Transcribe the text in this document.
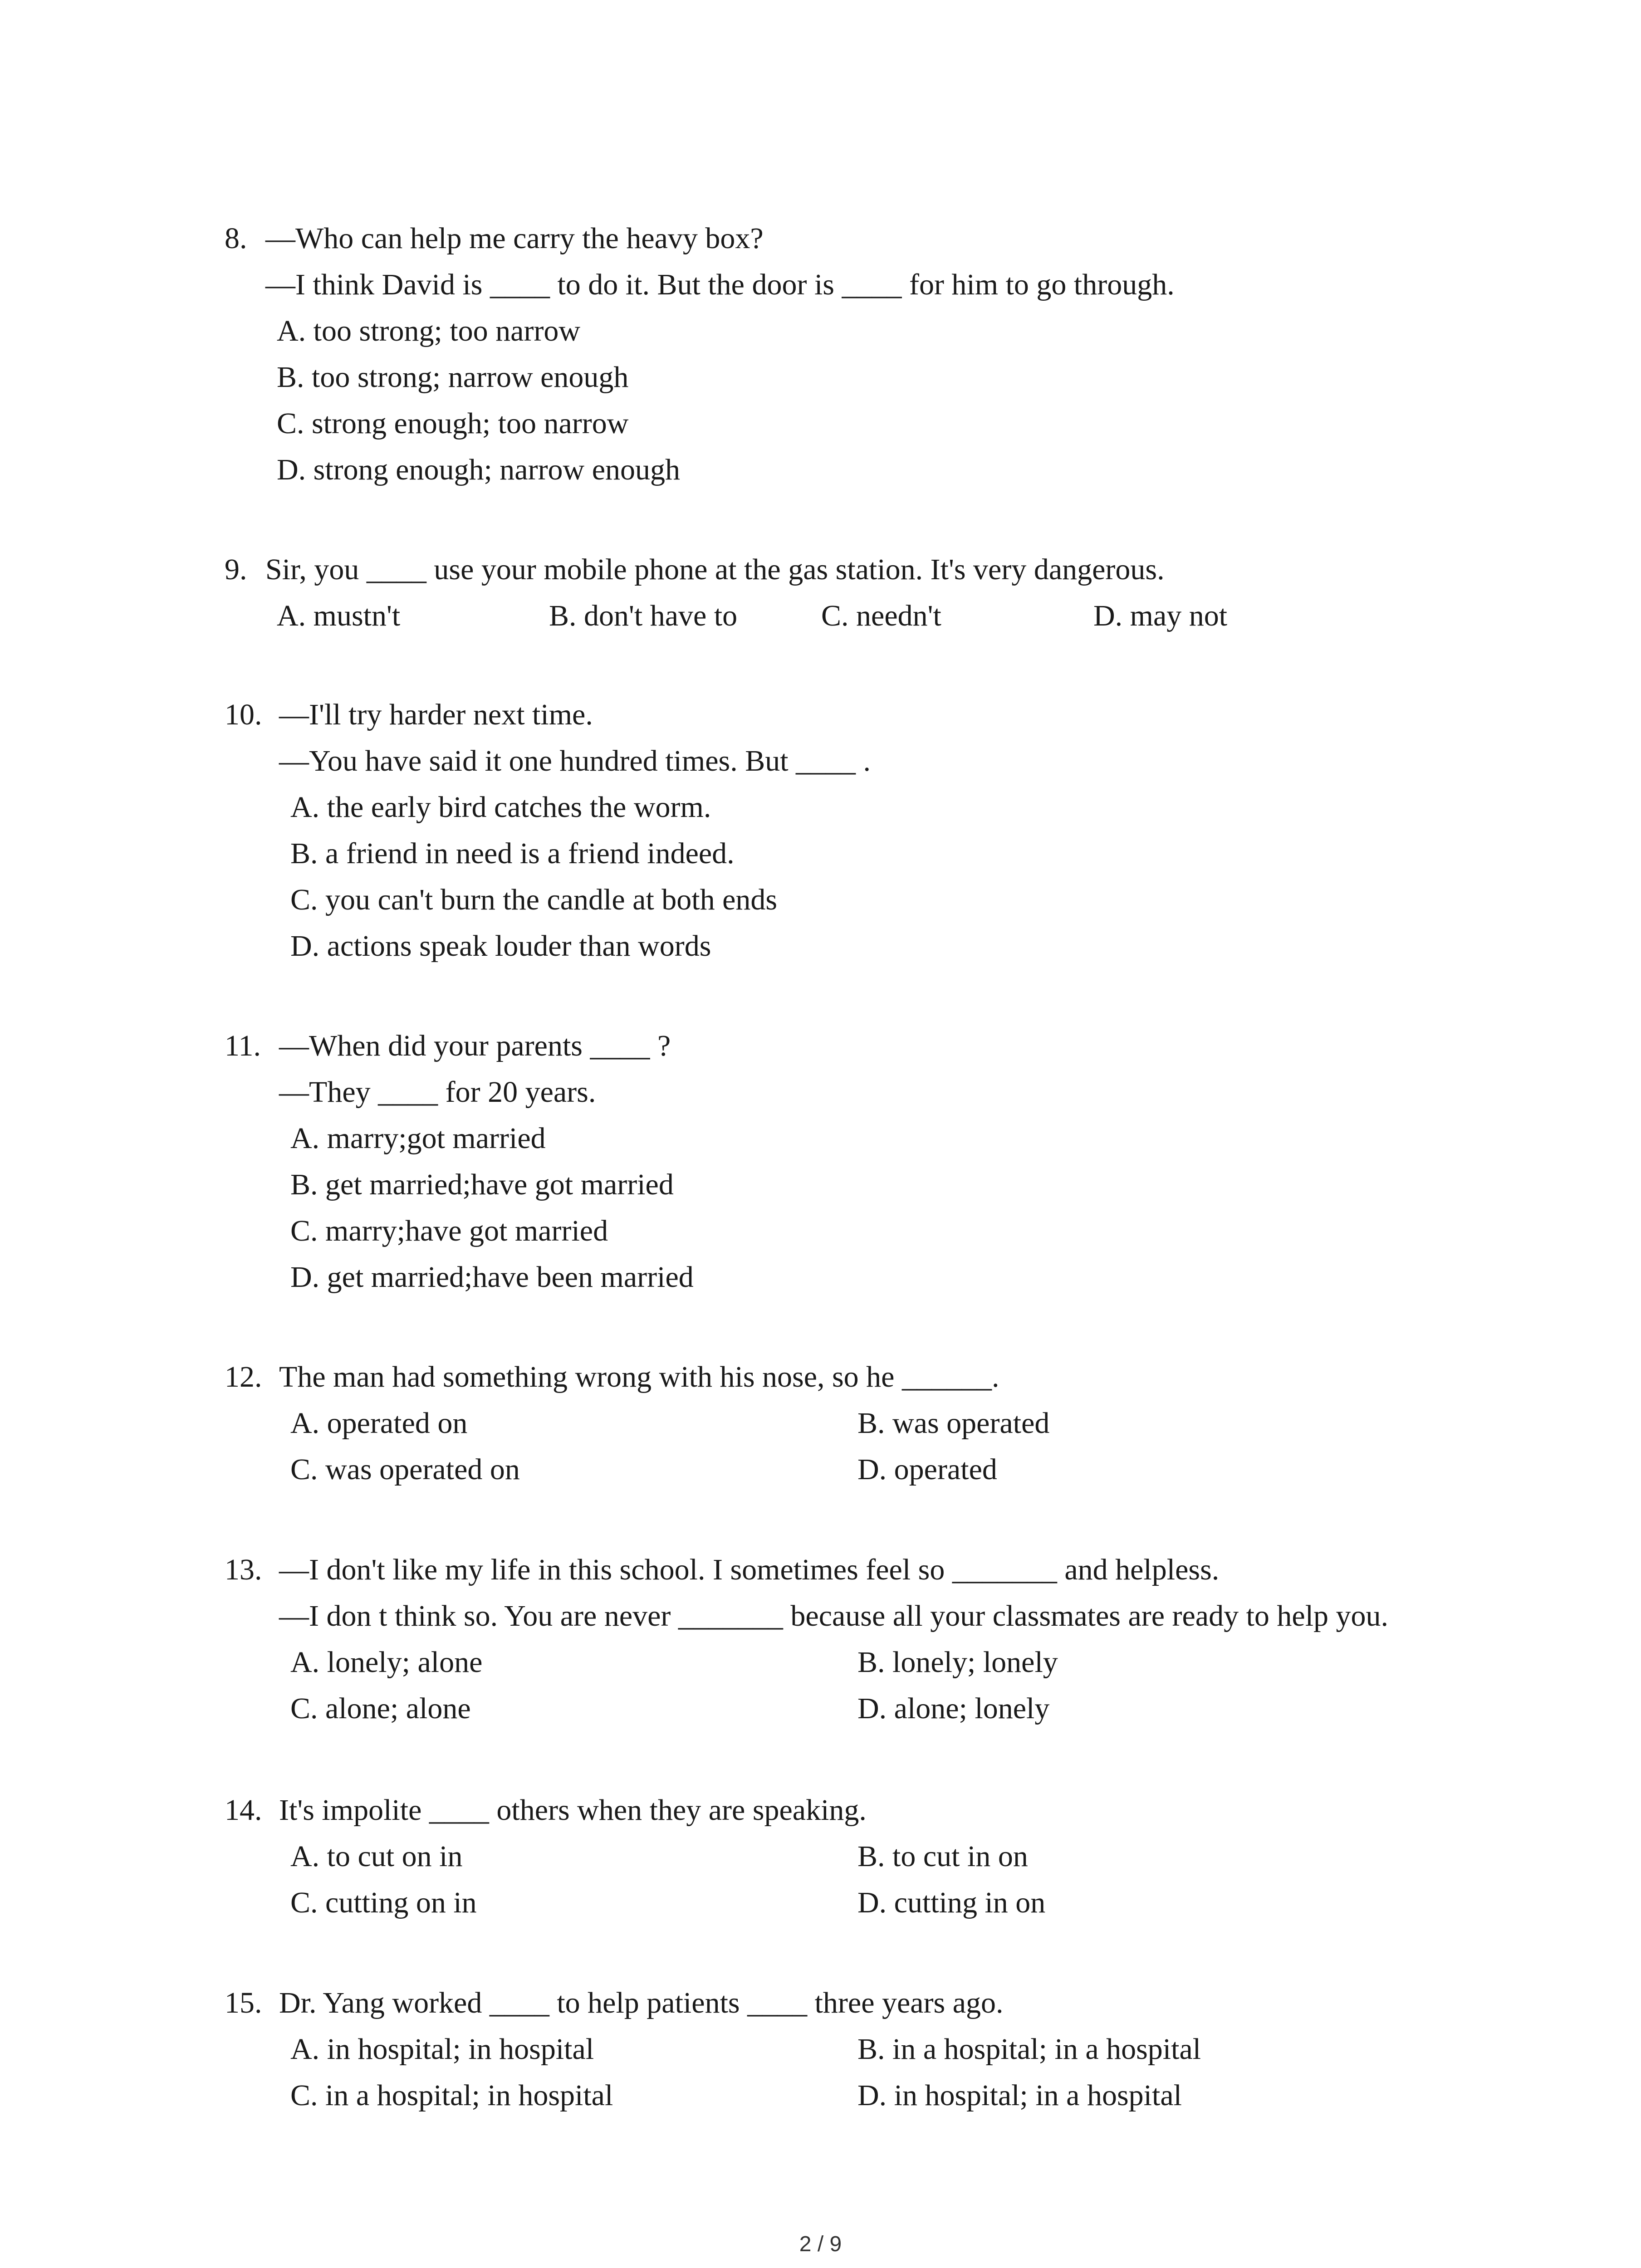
8. —Who can help me carry the heavy box?
—I think David is ____ to do it. But the door is ____ for him to go through.
A. too strong; too narrow
B. too strong; narrow enough
C. strong enough; too narrow
D. strong enough; narrow enough
9. Sir, you ____ use your mobile phone at the gas station. It's very dangerous.
A. mustn't	B. don't have to	C. needn't	D. may not
10. —I'll try harder next time.
—You have said it one hundred times. But ____ .
A. the early bird catches the worm.
B. a friend in need is a friend indeed.
C. you can't burn the candle at both ends
D. actions speak louder than words
11. —When did your parents ____ ?
—They ____ for 20 years.
A. marry;got married
B. get married;have got married
C. marry;have got married
D. get married;have been married
12. The man had something wrong with his nose, so he ______.
A. operated on	B. was operated
C. was operated on	D. operated
13. —I don't like my life in this school. I sometimes feel so _______ and helpless.
—I don t think so. You are never _______ because all your classmates are ready to help you.
A. lonely; alone	B. lonely; lonely
C. alone; alone	D. alone; lonely
14. It's impolite ____ others when they are speaking.
A. to cut on in	B. to cut in on
C. cutting on in	D. cutting in on
15. Dr. Yang worked ____ to help patients ____ three years ago.
A. in hospital; in hospital	B. in a hospital; in a hospital
C. in a hospital; in hospital	D. in hospital; in a hospital
2 / 9
